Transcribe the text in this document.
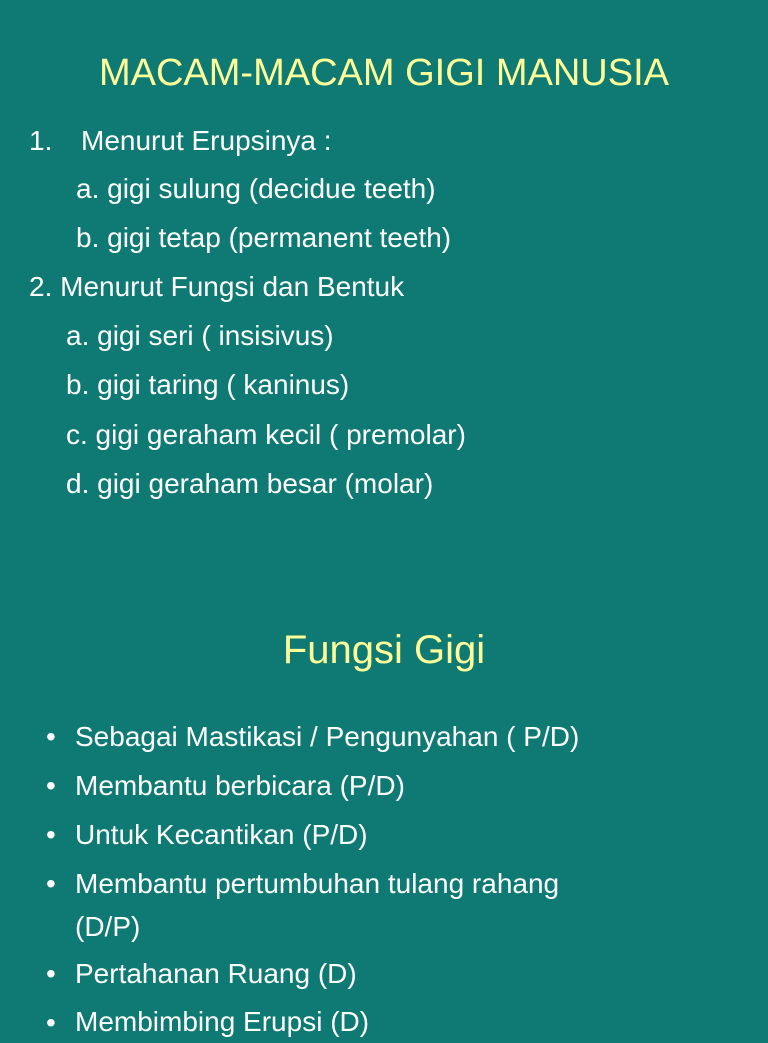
MACAM-MACAM GIGI MANUSIA
1. Menurut Erupsinya :
a. gigi sulung (decidue teeth)
b. gigi tetap (permanent teeth)
2. Menurut Fungsi dan Bentuk
a. gigi seri ( insisivus)
b. gigi taring ( kaninus)
c. gigi geraham kecil ( premolar)
d. gigi geraham besar (molar)
Fungsi Gigi
• Sebagai Mastikasi / Pengunyahan ( P/D)
• Membantu berbicara (P/D)
• Untuk Kecantikan (P/D)
• Membantu pertumbuhan tulang rahang
(D/P)
• Pertahanan Ruang (D)
• Membimbing Erupsi (D)
